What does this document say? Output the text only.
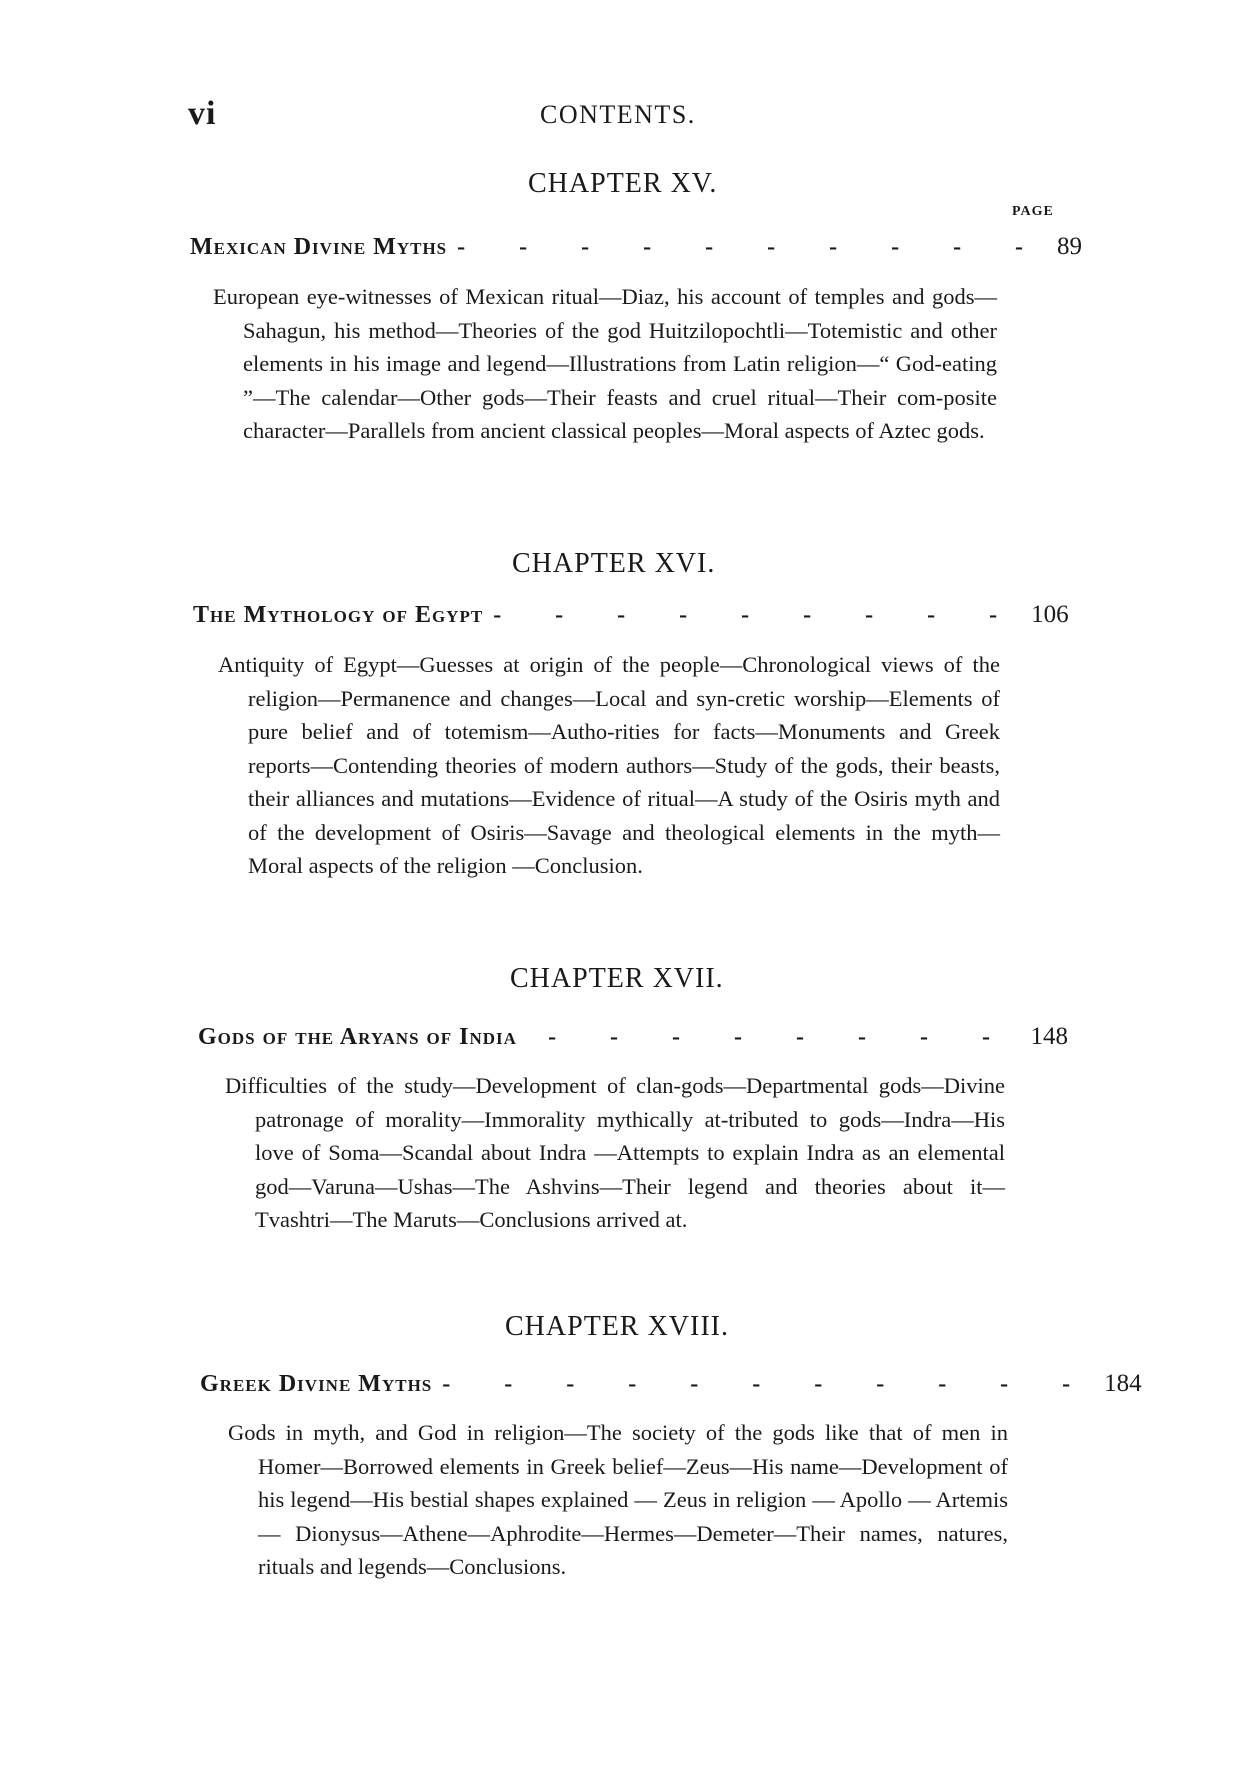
vi	CONTENTS.
PAGE
CHAPTER XV.
Mexican Divine Myths - - - - - - - - - - 89
European eye-witnesses of Mexican ritual—Diaz, his account of temples and gods—Sahagun, his method—Theories of the god Huitzilopochtli—Totemistic and other elements in his image and legend—Illustrations from Latin religion—“ God-eating ”—The calendar—Other gods—Their feasts and cruel ritual—Their com-posite character—Parallels from ancient classical peoples—Moral aspects of Aztec gods.
CHAPTER XVI.
The Mythology of Egypt - - - - - - - - - 106
Antiquity of Egypt—Guesses at origin of the people—Chronological views of the religion—Permanence and changes—Local and syn-cretic worship—Elements of pure belief and of totemism—Autho-rities for facts—Monuments and Greek reports—Contending theories of modern authors—Study of the gods, their beasts, their alliances and mutations—Evidence of ritual—A study of the Osiris myth and of the development of Osiris—Savage and theological elements in the myth—Moral aspects of the religion —Conclusion.
CHAPTER XVII.
Gods of the Aryans of India	- - - - - - - - 148
Difficulties of the study—Development of clan-gods—Departmental gods—Divine patronage of morality—Immorality mythically at-tributed to gods—Indra—His love of Soma—Scandal about Indra —Attempts to explain Indra as an elemental god—Varuna—Ushas—The Ashvins—Their legend and theories about it—Tvashtri—The Maruts—Conclusions arrived at.
CHAPTER XVIII.
Greek Divine Myths - - - - - - - - - - - 184
Gods in myth, and God in religion—The society of the gods like that of men in Homer—Borrowed elements in Greek belief—Zeus—His name—Development of his legend—His bestial shapes explained — Zeus in religion — Apollo — Artemis — Dionysus—Athene—Aphrodite—Hermes—Demeter—Their names, natures, rituals and legends—Conclusions.
